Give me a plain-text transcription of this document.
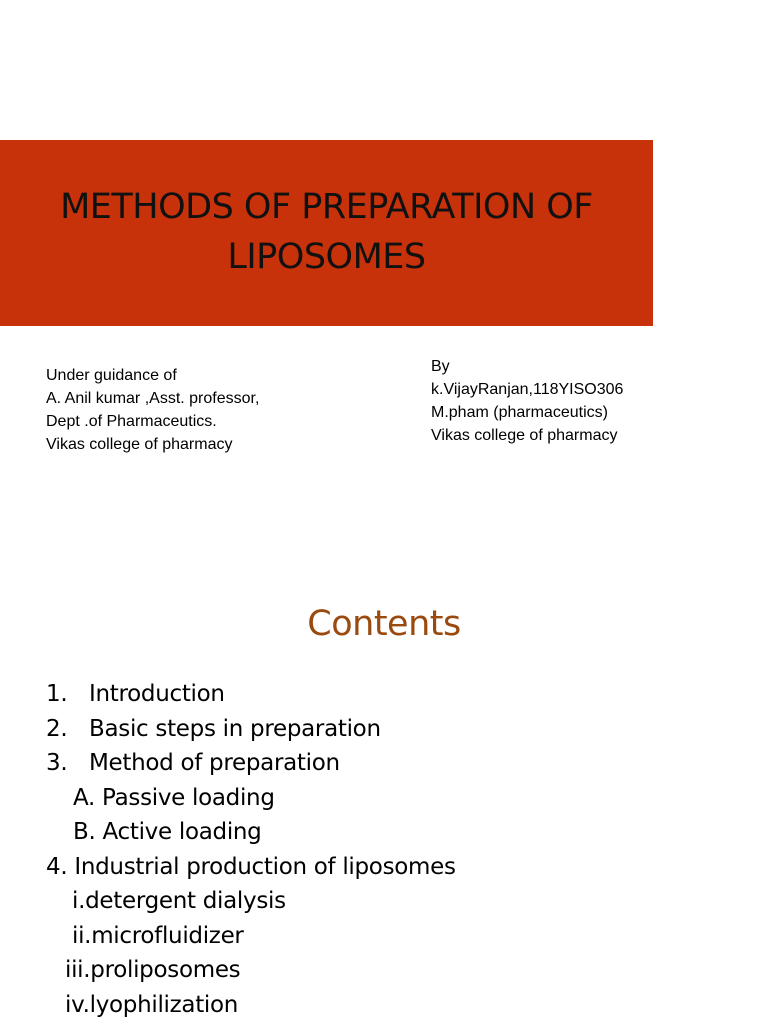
METHODS OF PREPARATION OF
LIPOSOMES
Under guidance of
A. Anil kumar ,Asst. professor,
Dept .of Pharmaceutics.
Vikas college of pharmacy
By
k.VijayRanjan,118YISO306
M.pham (pharmaceutics)
Vikas college of pharmacy
Contents
1. Introduction
2. Basic steps in preparation
3. Method of preparation
A. Passive loading
B. Active loading
4. Industrial production of liposomes
i.detergent dialysis
ii.microfluidizer
iii.proliposomes
iv.lyophilization
